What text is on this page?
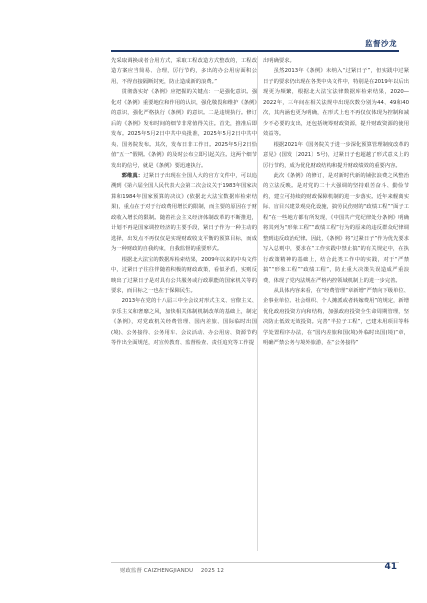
监督沙龙

先采取调换或者合用方式，采取工程改造方式整改的，工程改造方案应当简易、合理，厉行节约，多出的办公用房面积公用，不得直接隔断封死，防止造成新的浪费。”

贯彻落实好《条例》应把握的关键点：一是强化意识。强化对《条例》重要地位和作用的认识，强化敬畏和维护《条例》的意识，强化严格执行《条例》的意识。二是违规执行。修订后的《条例》发布时间的细节非常值得关注。首先，推准后即发布。2025年5月2日中共中央批准，2025年5月2日中共中央、国务院发布。其次，发布日非工作日。2025年5月2日恰值“五一”假期。《条例》的及时公布立即引起关注。这两个细节发出的信号，就是《条例》要迅速执行。

郭维真：过紧日子出现在全国人大的官方文件中，可以追溯到《第六届全国人民代表大会第二次会议关于1983年国家决算和1984年国家预算的决议》(依据北大法宝数据库检索结果)，重点在于对于行政费用增长的限制，而主要的原因在于财政收入增长的限制。随着社会主义经济体制改革的不断推进，计划不再是国家调控经济的主要手段，紧日子作为一种主动的选择，出发点不再仅仅是实现财政收支平衡的预算目标，而成为一种财政的自我约束，自我监督的重要形式。

根据北大法宝的数据库检索结果，2009年以来的中央文件中，过紧日子往往伴随着积极的财政政策，看似矛盾，实则反映出了过紧日子是对具有公共服务或行政职能的国家机关等的要求，而目标之一也在于保障民生。

2013年在党的十八届三中全会议对形式主义、官僚主义、享乐主义和奢靡之风，加快相关体制机制改革的基础上，制定《条例》，对党政机关经费管理、国内差旅、国际临时出国(境)、公务接待、公务用车、会议活动、办公用房、资源节约等作出全面规范，对宣传教育、监督检查、责任追究等工作提

出明确要求。

虽然2013年《条例》未纳入“过紧日子”，但实践中过紧日子的要求仍出现在各类中央文件中，特别是在2019年以后出现更为频繁，根据北大法宝法律数据库检索结果，2020—2022年，三年间在相关法规中出现次数分别为44、49和40次，其内涵也更为明确，在形式上也不再仅仅体现为控制和减少不必要的支出，还包括统筹财政资源，提升财政资源的使用效益等。

根据2021年《国务院关于进一步深化预算管理制度改革的意见》(国发〔2021〕5号)，过紧日子也超越了形式意义上的厉行节约，成为优化财政结构和提升财政绩效的重要内容。

此次《条例》的修订，是对新时代新的铺张浪费之风整治的立法反映。是对党的二十大强调的坚持艰苦奋斗、勤俭节约，建立可持续的财政保障机制的进一步落实。近年来舰离实际、盲目兴建景观亮化设施，搞劳民伤财的“政绩工程”“面子工程”在一些地方都有所发现，《中国共产党纪律处分条例》明确将其列为“形象工程”“政绩工程”行为的原来的违反群众纪律调整到违反政治纪律。因此，《条例》将“过紧日子”作为优先要求写入总则中，要求在“工作实践中禁止搞”的有关规定中，在执行政策精神的基础上，结合此类工作中的实践，对于“严禁搞”“形象工程”“政绩工程”，防止重大决策失误造成严重浪费，体现了党内法规在严格内控领域机制上的进一步完善。

从具体内容来看，在“经费管理”章新增“严禁向下级单位、企事业单位、社会组织、个人摊派或者转嫁费用”的规定，新增优化政府投资方向和结构，加强政府投资全生命周期管理，坚决防止低效无效投资。完善“半拉子工程”，已建未用项目等科学处置程序办法，在“国内差旅和国(境)外临时出国(境)”章，明确严禁公务与境外旅游，在“公务接待”

财政监督 CAIZHENGJIANDU 2025 12	41
